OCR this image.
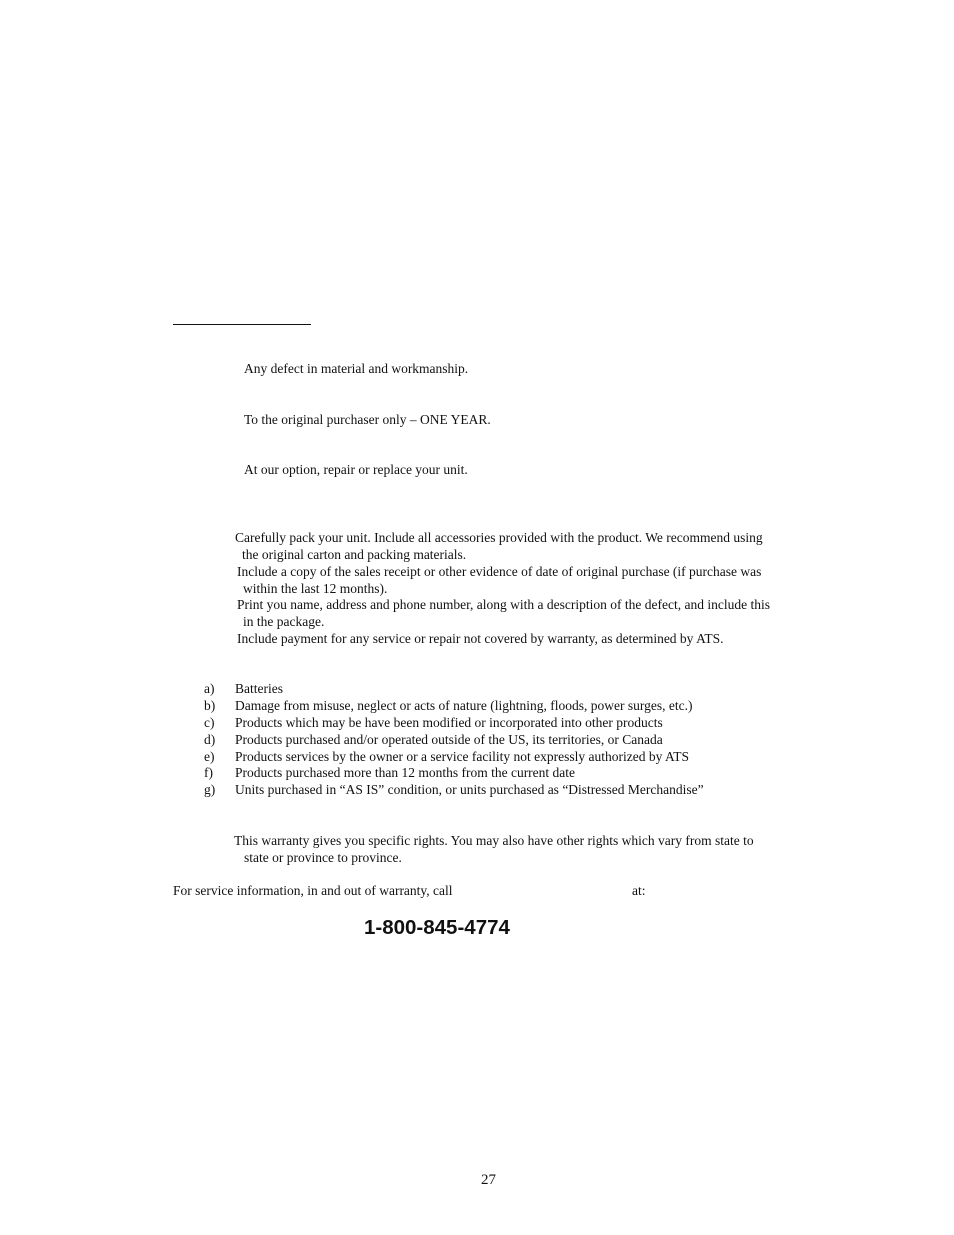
Any defect in material and workmanship.
To the original purchaser only – ONE YEAR.
At our option, repair or replace your unit.
Carefully pack your unit. Include all accessories provided with the product. We recommend using
the original carton and packing materials.
Include a copy of the sales receipt or other evidence of date of original purchase (if purchase was
within the last 12 months).
Print you name, address and phone number, along with a description of the defect, and include this
in the package.
Include payment for any service or repair not covered by warranty, as determined by ATS.
a) Batteries
b) Damage from misuse, neglect or acts of nature (lightning, floods, power surges, etc.)
c) Products which may be have been modified or incorporated into other products
d) Products purchased and/or operated outside of the US, its territories, or Canada
e) Products services by the owner or a service facility not expressly authorized by ATS
f) Products purchased more than 12 months from the current date
g) Units purchased in “AS IS” condition, or units purchased as “Distressed Merchandise”
This warranty gives you specific rights. You may also have other rights which vary from state to
state or province to province.
For service information, in and out of warranty, call	at:
1-800-845-4774
27
